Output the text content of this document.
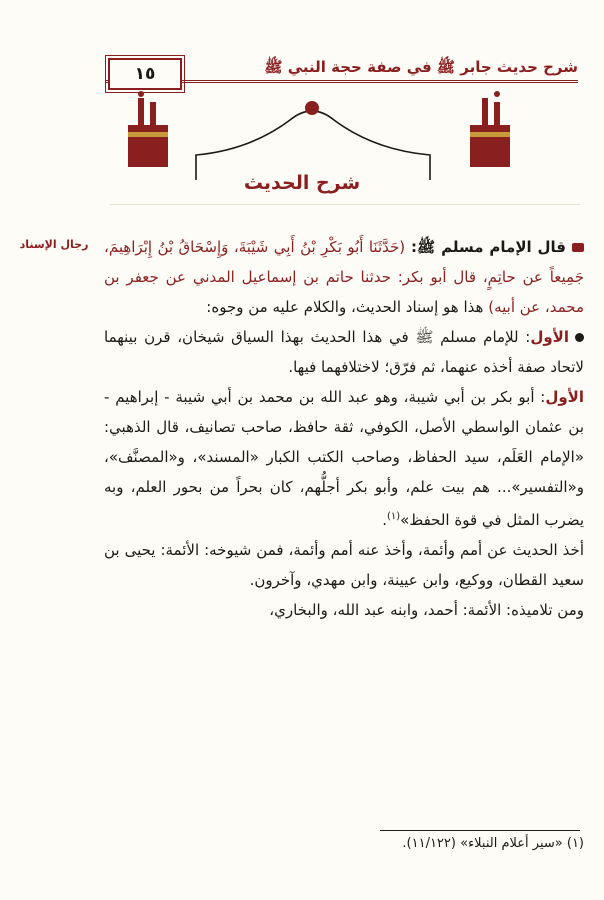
شرح حديث جابر ﷺ في صفة حجة النبي ﷺ
١٥
شرح الحديث
رجال الإسناد	قال الإمام مسلم ﷺ: (حَدَّثَنَا أَبُو بَكْرِ بْنُ أَبِي شَيْبَةَ، وَإِسْحَاقُ بْنُ إِبْرَاهِيمَ، جَمِيعاً عن حاتِمٍ، قال أبو بكر: حدثنا حاتم بن إسماعيل المدني عن جعفر بن محمد، عن أبيه) هذا هو إسناد الحديث، والكلام عليه من وجوه:

الأول: للإمام مسلم ﷺ في هذا الحديث بهذا السياق شيخان، قرن بينهما لاتحاد صفة أخذه عنهما، ثم فرّق؛ لاختلافهما فيها.

الأول: أبو بكر بن أبي شيبة، وهو عبد الله بن محمد بن أبي شيبة - إبراهيم - بن عثمان الواسطي الأصل، الكوفي، ثقة حافظ، صاحب تصانيف، قال الذهبي: «الإمام العَلَم، سيد الحفاظ، وصاحب الكتب الكبار «المسند»، و«المصنَّف»، و«التفسير»... هم بيت علم، وأبو بكر أجلُّهم، كان بحراً من بحور العلم، وبه يضرب المثل في قوة الحفظ»$^{(١)}$.

أخذ الحديث عن أمم وأئمة، وأخذ عنه أمم وأئمة، فمن شيوخه: الأئمة: يحيى بن سعيد القطان، ووكيع، وابن عيينة، وابن مهدي، وآخرون.

ومن تلاميذه: الأئمة: أحمد، وابنه عبد الله، والبخاري،

(١) «سير أعلام النبلاء» (١١/١٢٢).
